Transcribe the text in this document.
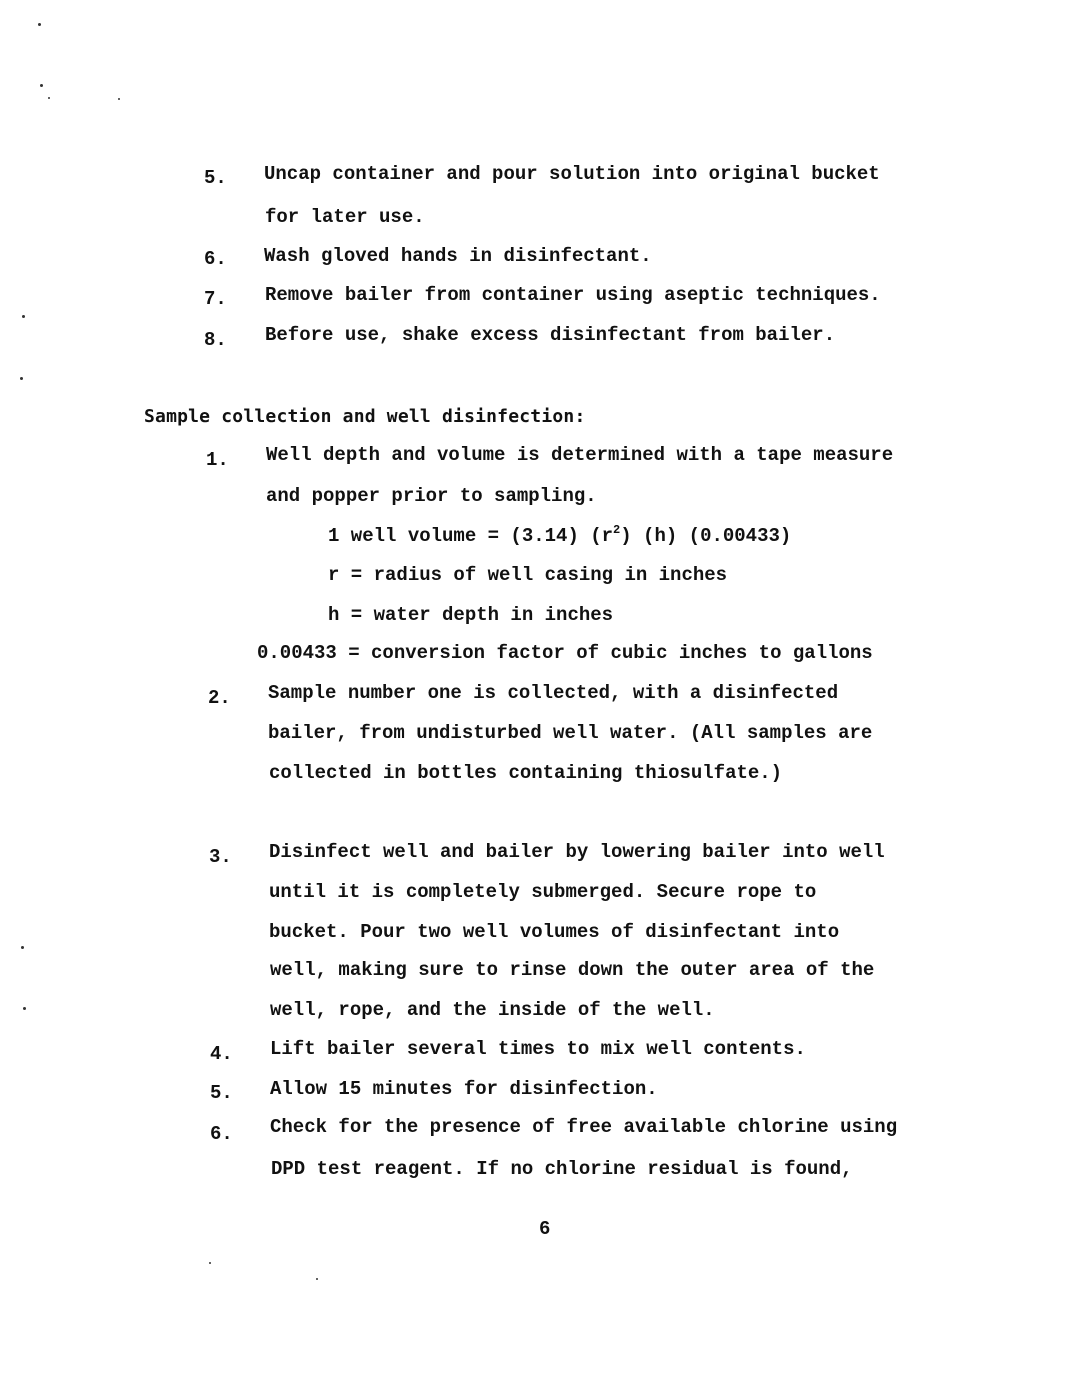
5. Uncap container and pour solution into original bucket
for later use.
6. Wash gloved hands in disinfectant.
7. Remove bailer from container using aseptic techniques.
8. Before use, shake excess disinfectant from bailer.
Sample collection and well disinfection:
1. Well depth and volume is determined with a tape measure
and popper prior to sampling.
1 well volume = (3.14) $(r^2)$ (h) (0.00433)
r = radius of well casing in inches
h = water depth in inches
0.00433 = conversion factor of cubic inches to gallons
2. Sample number one is collected, with a disinfected
bailer, from undisturbed well water. (All samples are
collected in bottles containing thiosulfate.)
3. Disinfect well and bailer by lowering bailer into well
until it is completely submerged. Secure rope to
bucket. Pour two well volumes of disinfectant into
well, making sure to rinse down the outer area of the
well, rope, and the inside of the well.
4. Lift bailer several times to mix well contents.
5. Allow 15 minutes for disinfection.
6. Check for the presence of free available chlorine using
DPD test reagent. If no chlorine residual is found,
6
